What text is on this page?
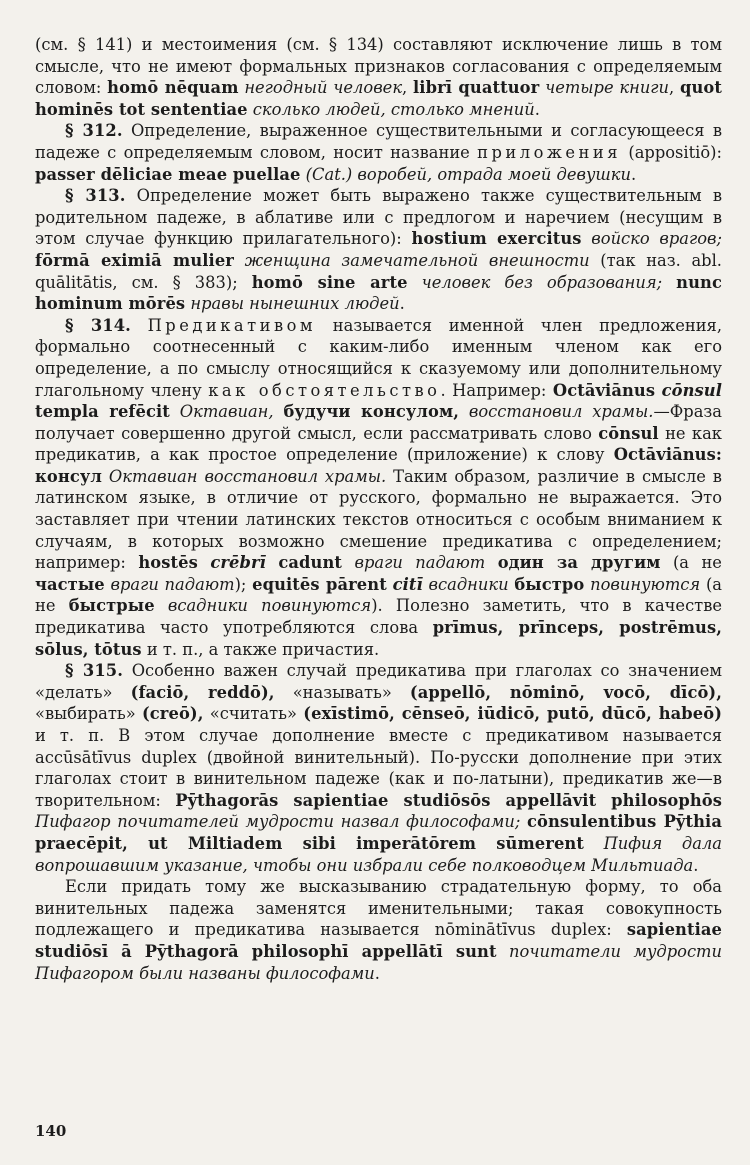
(см. § 141) и местоимения (см. § 134) составляют исключение лишь в том смысле, что не имеют формальных признаков согласования с определяемым словом: homō nēquam негодный человек, librī quattuor четыре книги, quot hominēs tot sententiae сколько людей, столько мнений.

§ 312. Определение, выраженное существительными и согласующееся в падеже с определяемым словом, носит название приложения (appositiō): passer dēliciae meae puellae (Cat.) воробей, отрада моей девушки.

§ 313. Определение может быть выражено также существительным в родительном падеже, в аблативе или с предлогом и наречием (несущим в этом случае функцию прилагательного): hostium exercitus войско врагов; fōrmā eximiā mulier женщина замечательной внешности (так наз. abl. quālitātis, см. § 383); homō sine arte человек без образования; nunc hominum mōrēs нравы нынешних людей.

§ 314. Предикативом называется именной член предложения, формально соотнесенный с каким-либо именным членом как его определение, а по смыслу относящийся к сказуемому или дополнительному глагольному члену как обстоятельство. Например: Octāviānus cōnsul templa refēcit Октавиан, будучи консулом, восстановил храмы.—Фраза получает совершенно другой смысл, если рассматривать слово cōnsul не как предикатив, а как простое определение (приложение) к слову Octāviānus: консул Октавиан восстановил храмы. Таким образом, различие в смысле в латинском языке, в отличие от русского, формально не выражается. Это заставляет при чтении латинских текстов относиться с особым вниманием к случаям, в которых возможно смешение предикатива с определением; например: hostēs crēbrī cadunt враги падают один за другим (а не частые враги падают); equitēs pārent citī всадники быстро повинуются (а не быстрые всадники повинуются). Полезно заметить, что в качестве предикатива часто употребляются слова prīmus, prīnceps, postrēmus, sōlus, tōtus и т. п., а также причастия.

§ 315. Особенно важен случай предикатива при глаголах со значением «делать» (faciō, reddō), «называть» (appellō, nōminō, vocō, dīcō), «выбирать» (creō), «считать» (exīstimō, cēnseō, iūdicō, putō, dūcō, habeō) и т. п. В этом случае дополнение вместе с предикативом называется accūsātīvus duplex (двойной винительный). По-русски дополнение при этих глаголах стоит в винительном падеже (как и по-латыни), предикатив же—в творительном: Pȳthagorās sapientiae studiōsōs appellāvit philosophōs Пифагор почитателей мудрости назвал философами; cōnsulentibus Pȳthia praecēpit, ut Miltiadem sibi imperātōrem sūmerent Пифия дала вопрошавшим указание, чтобы они избрали себе полководцем Мильтиада.

Если придать тому же высказыванию страдательную форму, то оба винительных падежа заменятся именительными; такая совокупность подлежащего и предикатива называется nōminātīvus duplex: sapientiae studiōsī ā Pȳthagorā philosophī appellātī sunt почитатели мудрости Пифагором были названы философами.

140
